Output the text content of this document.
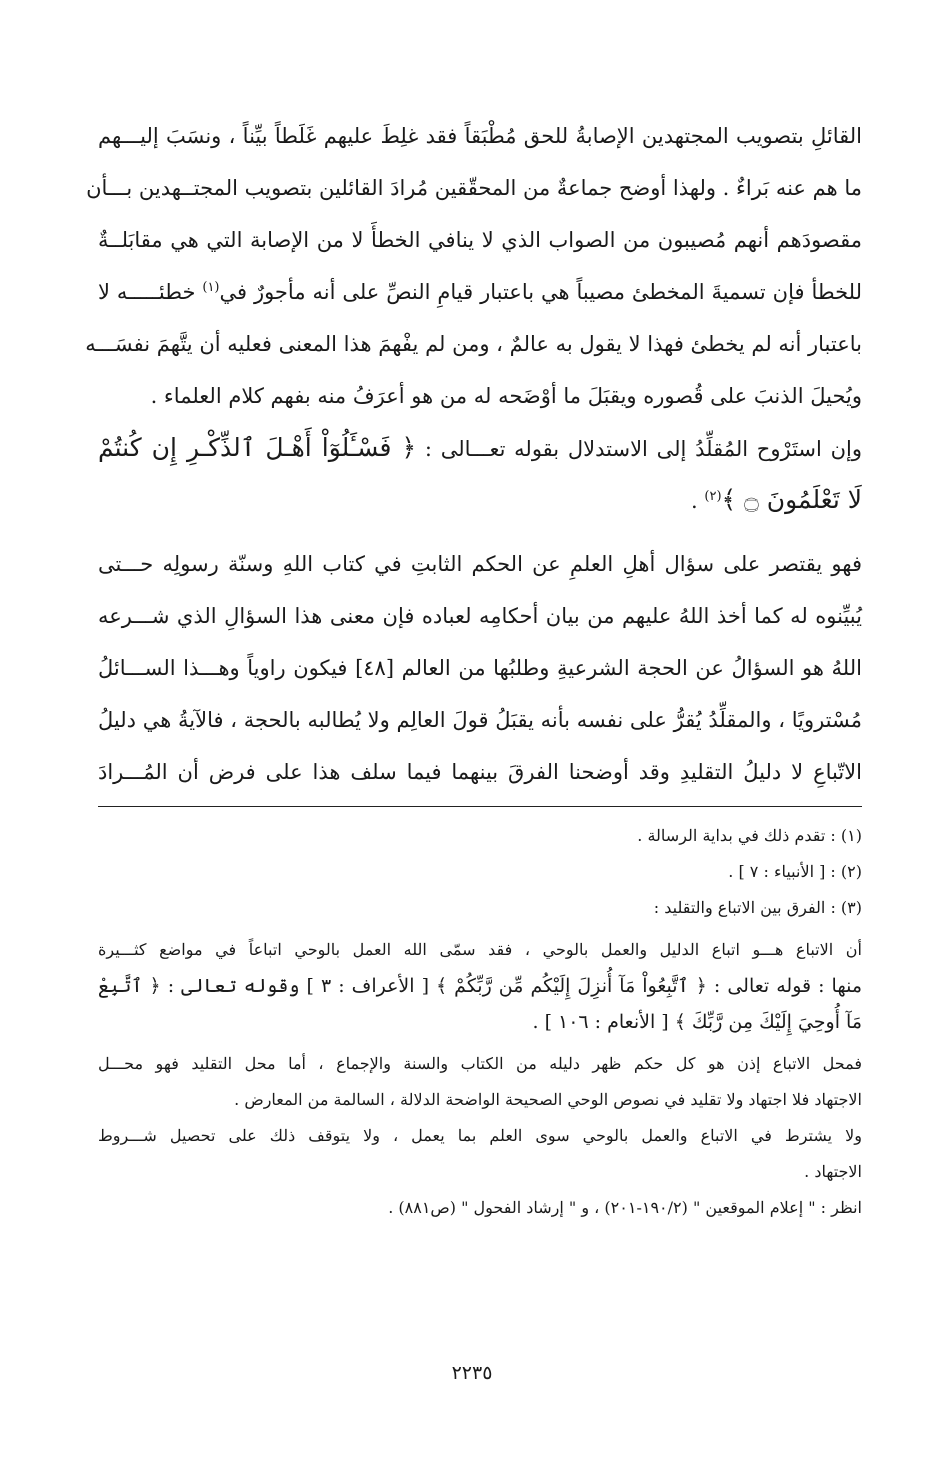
القائلِ بتصويب المجتهدين الإصابةُ للحق مُطْبَقاً فقد غلِطَ عليهم غَلَطاً بيِّناً ، ونسَبَ إليـــهم
ما هم عنه بَراءٌ . ولهذا أوضح جماعةٌ من المحقّقين مُرادَ القائلين بتصويب المجتــهدين بـــأن
مقصودَهم أنهم مُصيبون من الصواب الذي لا ينافي الخطأَ لا من الإصابة التي هي مقابَلــةٌ
للخطأ فإن تسميةَ المخطئ مصيباً هي باعتبار قيامِ النصِّ على أنه مأجورٌ في$^{(١)}$ خطئـــــه لا
باعتبار أنه لم يخطئ فهذا لا يقول به عالمٌ ، ومن لم يفْهمَ هذا المعنى فعليه أن يتَّهمَ نفسَـــه
ويُحيلَ الذنبَ على قُصوره ويقبَلَ ما أوْضَحه له من هو أعرَفُ منه بفهم كلام العلماء .
وإن استَرْوح المُقلِّدُ إلى الاستدلال بقوله تعـــالى : ﴿ فَسْـَٔلُوٓاْ أَهْـلَ ٱلذِّكْـرِ إِن كُنتُمْ
لَا تَعْلَمُونَ ۝ ﴾$^{(٢)}$ .
فهو يقتصر على سؤال أهلِ العلمِ عن الحكم الثابتِ في كتاب اللهِ وسنّة رسولِه حـــتى
يُبيِّنوه له كما أخذ اللهُ عليهم من بيان أحكامِه لعباده فإن معنى هذا السؤالِ الذي شـــرعه
اللهُ هو السؤالُ عن الحجة الشرعيةِ وطلبُها من العالم [٤٨] فيكون راوياً وهـــذا الســـائلُ
مُسْترويًا ، والمقلِّدُ يُقرُّ على نفسه بأنه يقبَلُ قولَ العالِم ولا يُطالبه بالحجة ، فالآيةُ هي دليلُ
الاتّباعِ لا دليلُ التقليدِ وقد أوضحنا الفرقَ بينهما فيما سلف هذا على فرض أن المُـــرادَ
(١) : تقدم ذلك في بداية الرسالة .
(٢) : [ الأنبياء : ٧ ] .
(٣) : الفرق بين الاتباع والتقليد :
أن الاتباع هـــو اتباع الدليل والعمل بالوحي ، فقد سمّى الله العمل بالوحي اتباعاً في مواضع كثـــيرة
منها : قوله تعالى : ﴿ ٱتَّبِعُواْ مَآ أُنزِلَ إِلَيْكُم مِّن رَّبِّكُمْ ﴾ [ الأعراف : ٣ ] وقوله تعالى : ﴿ ٱتَّبِعْ
مَآ أُوحِيَ إِلَيْكَ مِن رَّبِّكَ ﴾ [ الأنعام : ١٠٦ ] .
فمحل الاتباع إذن هو كل حكم ظهر دليله من الكتاب والسنة والإجماع ، أما محل التقليد فهو محـــل
الاجتهاد فلا اجتهاد ولا تقليد في نصوص الوحي الصحيحة الواضحة الدلالة ، السالمة من المعارض .
ولا يشترط في الاتباع والعمل بالوحي سوى العلم بما يعمل ، ولا يتوقف ذلك على تحصيل شـــروط
الاجتهاد .
انظر : " إعلام الموقعين " (١٩٠/٢-٢٠١) ، و " إرشاد الفحول " (ص٨٨١) .
٢٢٣٥
